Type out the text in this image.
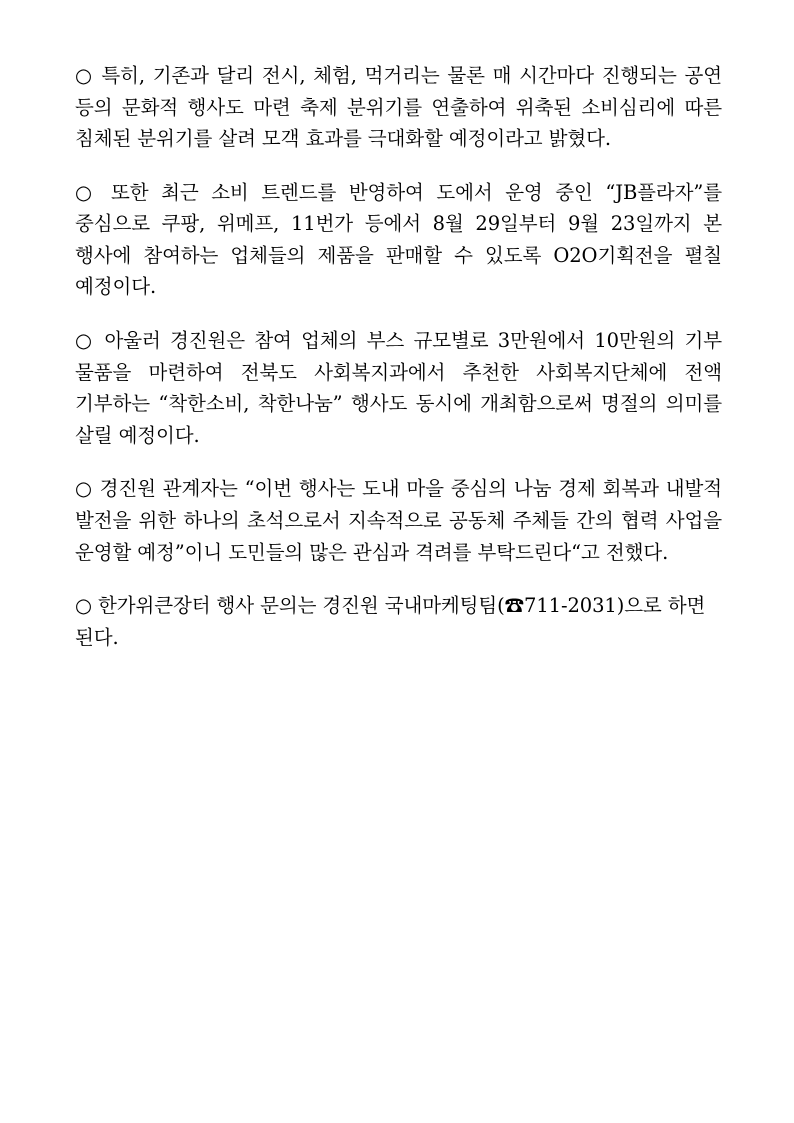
○ 특히, 기존과 달리 전시, 체험, 먹거리는 물론 매 시간마다 진행되는 공연 등의 문화적 행사도 마련 축제 분위기를 연출하여 위축된 소비심리에 따른 침체된 분위기를 살려 모객 효과를 극대화할 예정이라고 밝혔다.

○ 또한 최근 소비 트렌드를 반영하여 도에서 운영 중인 “JB플라자”를 중심으로 쿠팡, 위메프, 11번가 등에서 8월 29일부터 9월 23일까지 본 행사에 참여하는 업체들의 제품을 판매할 수 있도록 O2O기획전을 펼칠 예정이다.

○ 아울러 경진원은 참여 업체의 부스 규모별로 3만원에서 10만원의 기부 물품을 마련하여 전북도 사회복지과에서 추천한 사회복지단체에 전액 기부하는 “착한소비, 착한나눔” 행사도 동시에 개최함으로써 명절의 의미를 살릴 예정이다.

○ 경진원 관계자는 “이번 행사는 도내 마을 중심의 나눔 경제 회복과 내발적 발전을 위한 하나의 초석으로서 지속적으로 공동체 주체들 간의 협력 사업을 운영할 예정”이니 도민들의 많은 관심과 격려를 부탁드린다“고 전했다.

○ 한가위큰장터 행사 문의는 경진원 국내마케팅팀(☎711-2031)으로 하면 된다.
